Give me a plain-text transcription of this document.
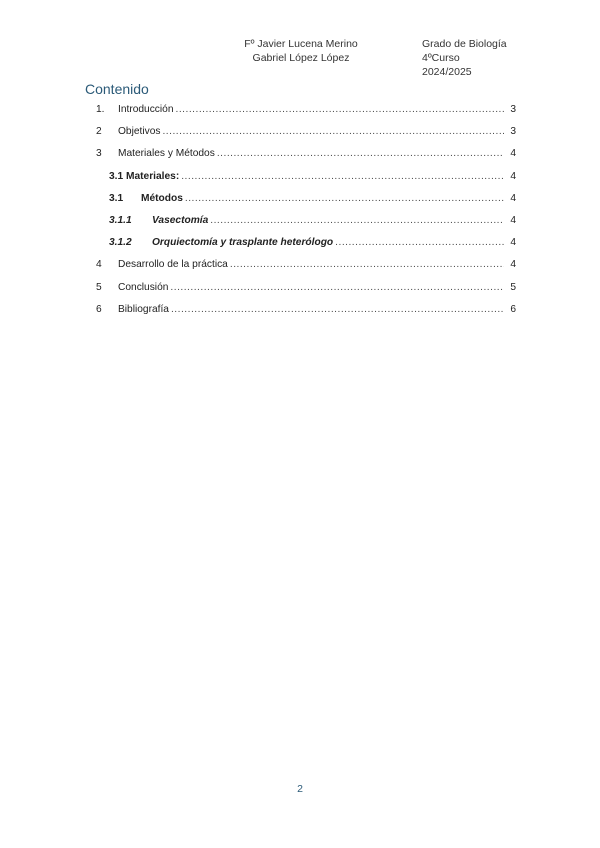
Fº Javier Lucena Merino
Gabriel López López
Grado de Biología
4ºCurso
2024/2025
Contenido
1.	Introducción .....	3
2	Objetivos .....	3
3	Materiales y Métodos .....	4
3.1 Materiales: .....	4
3.1	Métodos .....	4
3.1.1	Vasectomía .....	4
3.1.2	Orquiectomía y trasplante heterólogo .....	4
4	Desarrollo de la práctica .....	4
5	Conclusión .....	5
6	Bibliografía .....	6
2
